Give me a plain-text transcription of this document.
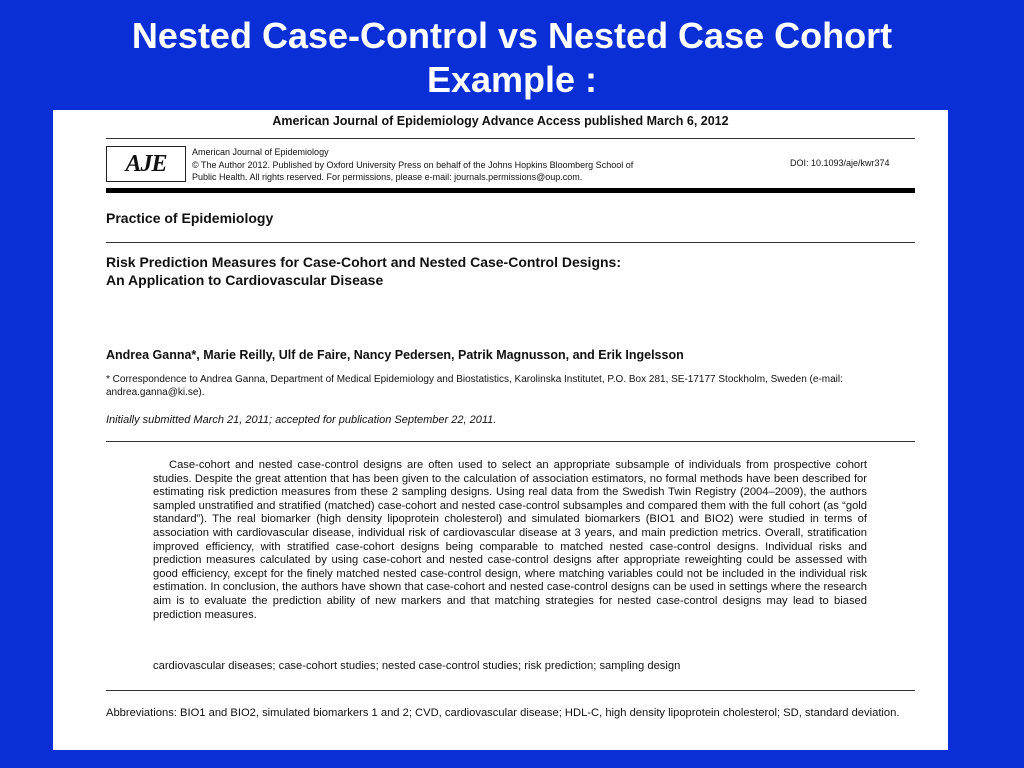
Nested Case-Control vs Nested Case Cohort
Example :
American Journal of Epidemiology Advance Access published March 6, 2012
AJE	American Journal of Epidemiology
© The Author 2012. Published by Oxford University Press on behalf of the Johns Hopkins Bloomberg School of
Public Health. All rights reserved. For permissions, please e-mail: journals.permissions@oup.com.
DOI: 10.1093/aje/kwr374
Practice of Epidemiology
Risk Prediction Measures for Case-Cohort and Nested Case-Control Designs:
An Application to Cardiovascular Disease
Andrea Ganna*, Marie Reilly, Ulf de Faire, Nancy Pedersen, Patrik Magnusson, and Erik Ingelsson
* Correspondence to Andrea Ganna, Department of Medical Epidemiology and Biostatistics, Karolinska Institutet, P.O. Box 281, SE-17177 Stockholm, Sweden (e-mail: andrea.ganna@ki.se).
Initially submitted March 21, 2011; accepted for publication September 22, 2011.
Case-cohort and nested case-control designs are often used to select an appropriate subsample of individuals from prospective cohort studies. Despite the great attention that has been given to the calculation of association estimators, no formal methods have been described for estimating risk prediction measures from these 2 sampling designs. Using real data from the Swedish Twin Registry (2004–2009), the authors sampled unstratified and stratified (matched) case-cohort and nested case-control subsamples and compared them with the full cohort (as “gold standard”). The real biomarker (high density lipoprotein cholesterol) and simulated biomarkers (BIO1 and BIO2) were studied in terms of association with cardiovascular disease, individual risk of cardiovascular disease at 3 years, and main prediction metrics. Overall, stratification improved efficiency, with stratified case-cohort designs being comparable to matched nested case-control designs. Individual risks and prediction measures calculated by using case-cohort and nested case-control designs after appropriate reweighting could be assessed with good efficiency, except for the finely matched nested case-control design, where matching variables could not be included in the individual risk estimation. In conclusion, the authors have shown that case-cohort and nested case-control designs can be used in settings where the research aim is to evaluate the prediction ability of new markers and that matching strategies for nested case-control designs may lead to biased prediction measures.
cardiovascular diseases; case-cohort studies; nested case-control studies; risk prediction; sampling design
Abbreviations: BIO1 and BIO2, simulated biomarkers 1 and 2; CVD, cardiovascular disease; HDL-C, high density lipoprotein cholesterol; SD, standard deviation.
